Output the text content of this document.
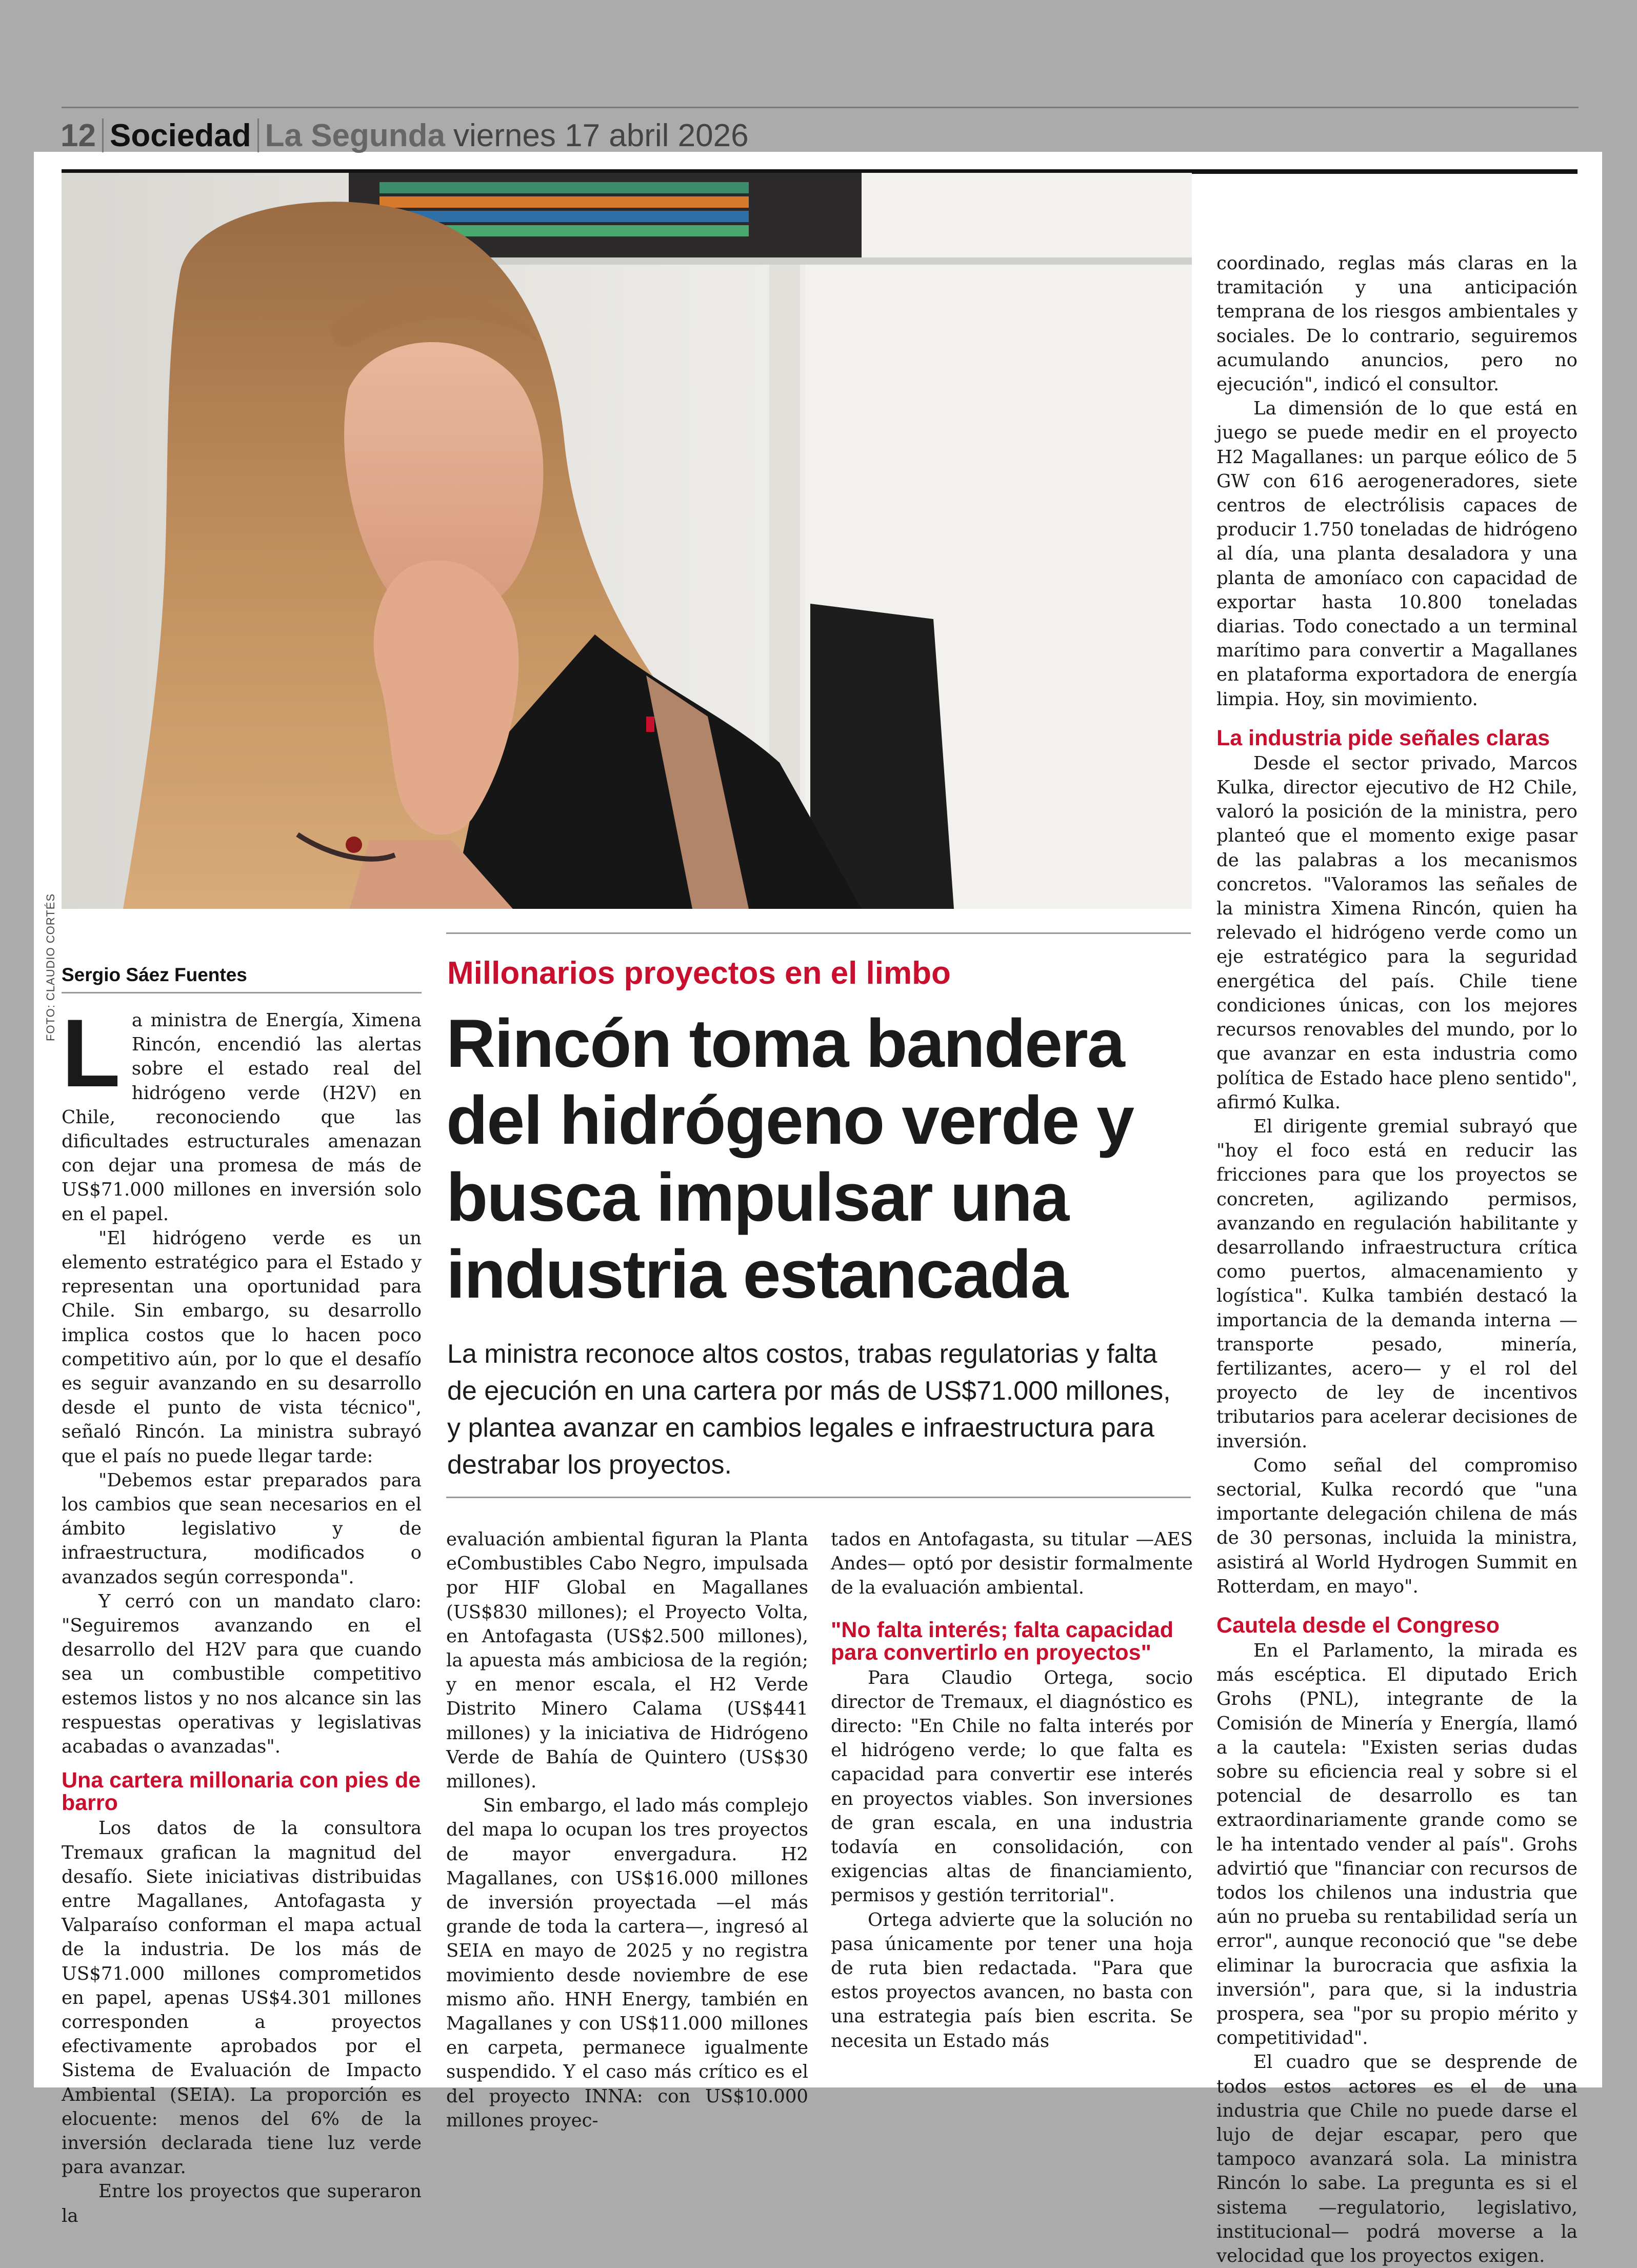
12 Sociedad La Segunda viernes 17 abril 2026
FOTO: CLAUDIO CORTÉS Sergio Sáez Fuentes	Millonarios proyectos en el limbo
Rincón toma bandera del hidrógeno verde y busca impulsar una industria estancada
La ministra reconoce altos costos, trabas regulatorias y falta de ejecución en una cartera por más de US$71.000 millones, y plantea avanzar en cambios legales e infraestructura para destrabar los proyectos.

La ministra de Energía, Ximena Rincón, encendió las alertas sobre el estado real del hidrógeno verde (H2V) en Chile, reconociendo que las dificultades estructurales amenazan con dejar una promesa de más de US$71.000 millones en inversión solo en el papel.

"El hidrógeno verde es un elemento estratégico para el Estado y representan una oportunidad para Chile. Sin embargo, su desarrollo implica costos que lo hacen poco competitivo aún, por lo que el desafío es seguir avanzando en su desarrollo desde el punto de vista técnico", señaló Rincón. La ministra subrayó que el país no puede llegar tarde:

"Debemos estar preparados para los cambios que sean necesarios en el ámbito legislativo y de infraestructura, modificados o avanzados según corresponda".

Y cerró con un mandato claro: "Seguiremos avanzando en el desarrollo del H2V para que cuando sea un combustible competitivo estemos listos y no nos alcance sin las respuestas operativas y legislativas acabadas o avanzadas".

Una cartera millonaria con pies de barro

Los datos de la consultora Tremaux grafican la magnitud del desafío. Siete iniciativas distribuidas entre Magallanes, Antofagasta y Valparaíso conforman el mapa actual de la industria. De los más de US$71.000 millones comprometidos en papel, apenas US$4.301 millones corresponden a proyectos efectivamente aprobados por el Sistema de Evaluación de Impacto Ambiental (SEIA). La proporción es elocuente: menos del 6% de la inversión declarada tiene luz verde para avanzar.

Entre los proyectos que superaron la

evaluación ambiental figuran la Planta eCombustibles Cabo Negro, impulsada por HIF Global en Magallanes (US$830 millones); el Proyecto Volta, en Antofagasta (US$2.500 millones), la apuesta más ambiciosa de la región; y en menor escala, el H2 Verde Distrito Minero Calama (US$441 millones) y la iniciativa de Hidrógeno Verde de Bahía de Quintero (US$30 millones).

Sin embargo, el lado más complejo del mapa lo ocupan los tres proyectos de mayor envergadura. H2 Magallanes, con US$16.000 millones de inversión proyectada —el más grande de toda la cartera—, ingresó al SEIA en mayo de 2025 y no registra movimiento desde noviembre de ese mismo año. HNH Energy, también en Magallanes y con US$11.000 millones en carpeta, permanece igualmente suspendido. Y el caso más crítico es el del proyecto INNA: con US$10.000 millones proyec-

tados en Antofagasta, su titular —AES Andes— optó por desistir formalmente de la evaluación ambiental.

"No falta interés; falta capacidad para convertirlo en proyectos"

Para Claudio Ortega, socio director de Tremaux, el diagnóstico es directo: "En Chile no falta interés por el hidrógeno verde; lo que falta es capacidad para convertir ese interés en proyectos viables. Son inversiones de gran escala, en una industria todavía en consolidación, con exigencias altas de financiamiento, permisos y gestión territorial".

Ortega advierte que la solución no pasa únicamente por tener una hoja de ruta bien redactada. "Para que estos proyectos avancen, no basta con una estrategia país bien escrita. Se necesita un Estado más

coordinado, reglas más claras en la tramitación y una anticipación temprana de los riesgos ambientales y sociales. De lo contrario, seguiremos acumulando anuncios, pero no ejecución", indicó el consultor.

La dimensión de lo que está en juego se puede medir en el proyecto H2 Magallanes: un parque eólico de 5 GW con 616 aerogeneradores, siete centros de electrólisis capaces de producir 1.750 toneladas de hidrógeno al día, una planta desaladora y una planta de amoníaco con capacidad de exportar hasta 10.800 toneladas diarias. Todo conectado a un terminal marítimo para convertir a Magallanes en plataforma exportadora de energía limpia. Hoy, sin movimiento.

La industria pide señales claras

Desde el sector privado, Marcos Kulka, director ejecutivo de H2 Chile, valoró la posición de la ministra, pero planteó que el momento exige pasar de las palabras a los mecanismos concretos. "Valoramos las señales de la ministra Ximena Rincón, quien ha relevado el hidrógeno verde como un eje estratégico para la seguridad energética del país. Chile tiene condiciones únicas, con los mejores recursos renovables del mundo, por lo que avanzar en esta industria como política de Estado hace pleno sentido", afirmó Kulka.

El dirigente gremial subrayó que "hoy el foco está en reducir las fricciones para que los proyectos se concreten, agilizando permisos, avanzando en regulación habilitante y desarrollando infraestructura crítica como puertos, almacenamiento y logística". Kulka también destacó la importancia de la demanda interna —transporte pesado, minería, fertilizantes, acero— y el rol del proyecto de ley de incentivos tributarios para acelerar decisiones de inversión.

Como señal del compromiso sectorial, Kulka recordó que "una importante delegación chilena de más de 30 personas, incluida la ministra, asistirá al World Hydrogen Summit en Rotterdam, en mayo".

Cautela desde el Congreso

En el Parlamento, la mirada es más escéptica. El diputado Erich Grohs (PNL), integrante de la Comisión de Minería y Energía, llamó a la cautela: "Existen serias dudas sobre su eficiencia real y sobre si el potencial de desarrollo es tan extraordinariamente grande como se le ha intentado vender al país". Grohs advirtió que "financiar con recursos de todos los chilenos una industria que aún no prueba su rentabilidad sería un error", aunque reconoció que "se debe eliminar la burocracia que asfixia la inversión", para que, si la industria prospera, sea "por su propio mérito y competitividad".

El cuadro que se desprende de todos estos actores es el de una industria que Chile no puede darse el lujo de dejar escapar, pero que tampoco avanzará sola. La ministra Rincón lo sabe. La pregunta es si el sistema —regulatorio, legislativo, institucional— podrá moverse a la velocidad que los proyectos exigen.
